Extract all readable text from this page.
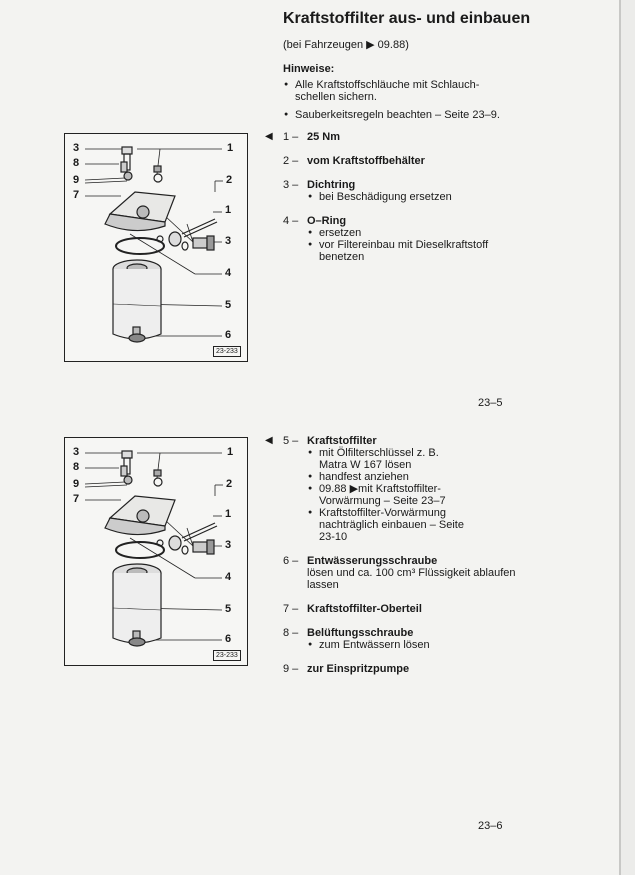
Kraftstoffilter aus- und einbauen
(bei Fahrzeugen ▶ 09.88)
Hinweise:
● Alle Kraftstoffschläuche mit Schlauch-schellen sichern.
● Sauberkeitsregeln beachten – Seite 23–9.
◀ 1 – 25 Nm
2 – vom Kraftstoffbehälter
3 – Dichtring
● bei Beschädigung ersetzen
4 – O–Ring
● ersetzen
● vor Filtereinbau mit Dieselkraftstoff benetzen
◀ 5 – Kraftstoffilter
● mit Ölfilterschlüssel z. B. Matra W 167 lösen
● handfest anziehen
● 09.88 ▶mit Kraftstoffilter-Vorwärmung – Seite 23–7
● Kraftstoffilter-Vorwärmung nachträglich einbauen – Seite 23-10
6 – Entwässerungsschraube
lösen und ca. 100 cm³ Flüssigkeit ablaufen lassen
7 – Kraftstoffilter-Oberteil
8 – Belüftungsschraube
● zum Entwässern lösen
9 – zur Einspritzpumpe
3
8
9
7
1
2
1
3
4
5
6
23-233
3
8
9
7
1
2
1
3
4
5
6
23-233
23–5
23–6
